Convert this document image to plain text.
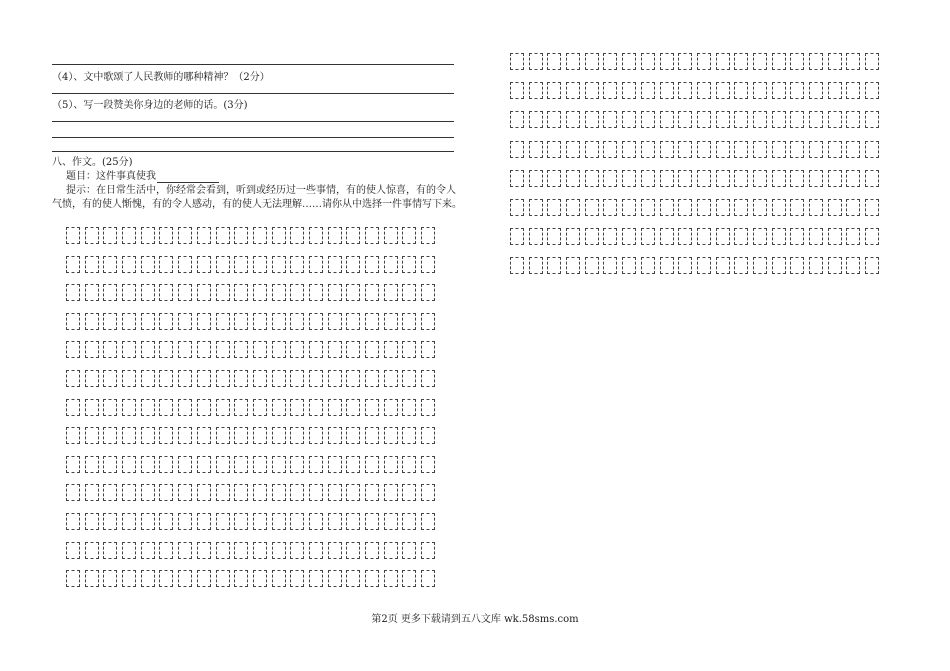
（4）、文中歌颂了人民教师的哪种精神？（2分）
（5）、写一段赞美你身边的老师的话。(3分)
八、作文。(25分)
题目：这件事真使我
提示：在日常生活中，你经常会看到，听到或经历过一些事情，有的使人惊喜，有的令人
气愤，有的使人惭愧，有的令人感动，有的使人无法理解……请你从中选择一件事情写下来。
第2页 更多下载请到五八文库 wk.58sms.com
